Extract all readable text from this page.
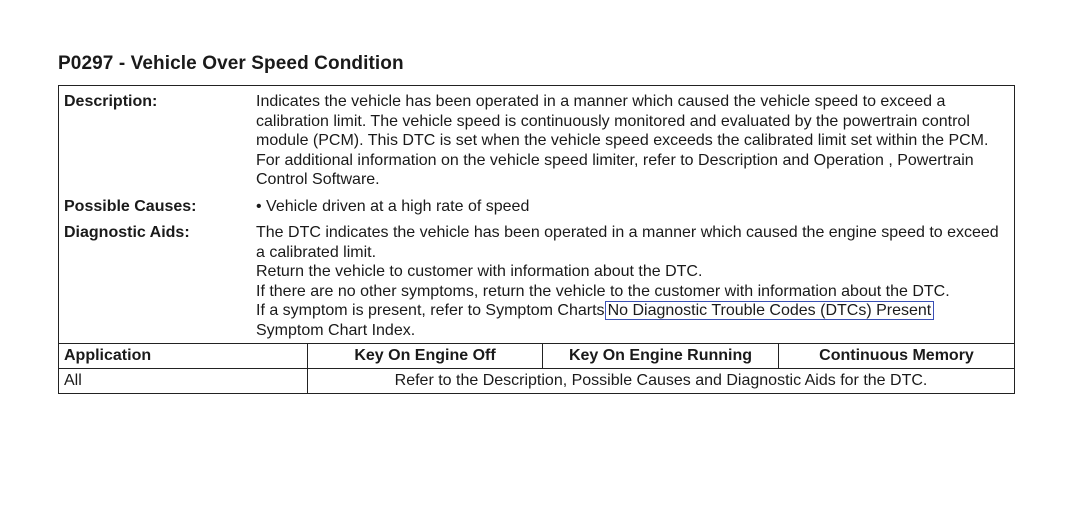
P0297 - Vehicle Over Speed Condition
Description:	Indicates the vehicle has been operated in a manner which caused the vehicle speed to exceed a calibration limit. The vehicle speed is continuously monitored and evaluated by the powertrain control module (PCM). This DTC is set when the vehicle speed exceeds the calibrated limit set within the PCM. For additional information on the vehicle speed limiter, refer to Description and Operation , Powertrain Control Software.
Possible Causes:	• Vehicle driven at a high rate of speed
Diagnostic Aids:	The DTC indicates the vehicle has been operated in a manner which caused the engine speed to exceed a calibrated limit.
Return the vehicle to customer with information about the DTC.
If there are no other symptoms, return the vehicle to the customer with information about the DTC.
If a symptom is present, refer to Symptom Charts No Diagnostic Trouble Codes (DTCs) Present Symptom Chart Index.
Application	Key On Engine Off	Key On Engine Running	Continuous Memory
All	Refer to the Description, Possible Causes and Diagnostic Aids for the DTC.		
